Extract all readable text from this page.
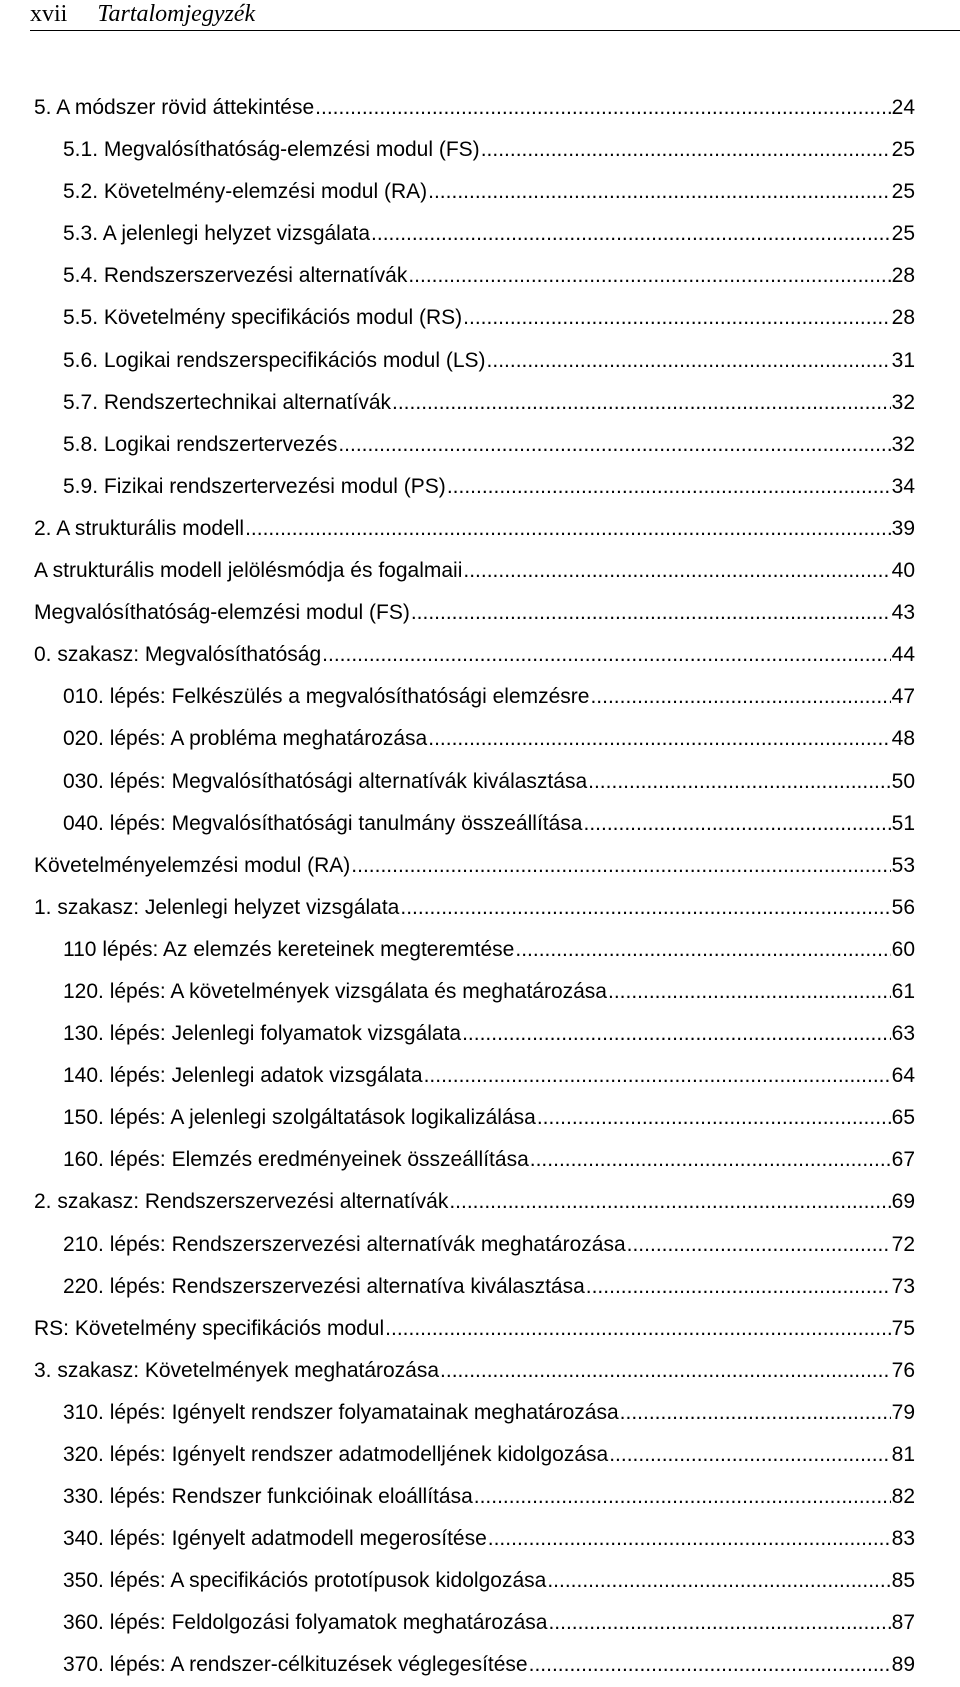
xvii Tartalomjegyzék
5. A módszer rövid áttekintése .....	24
5.1. Megvalósíthatóság-elemzési modul (FS) .....	25
5.2. Követelmény-elemzési modul (RA) .....	25
5.3. A jelenlegi helyzet vizsgálata .....	25
5.4. Rendszerszervezési alternatívák .....	28
5.5. Követelmény specifikációs modul (RS) .....	28
5.6. Logikai rendszerspecifikációs modul (LS) .....	31
5.7. Rendszertechnikai alternatívák .....	32
5.8. Logikai rendszertervezés .....	32
5.9. Fizikai rendszertervezési modul (PS) .....	34
2. A strukturális modell .....	39
A strukturális modell jelölésmódja és fogalmaii .....	40
Megvalósíthatóság-elemzési modul (FS) .....	43
0. szakasz: Megvalósíthatóság .....	44
010. lépés: Felkészülés a megvalósíthatósági elemzésre .....	47
020. lépés: A probléma meghatározása .....	48
030. lépés: Megvalósíthatósági alternatívák kiválasztása .....	50
040. lépés: Megvalósíthatósági tanulmány összeállítása .....	51
Követelményelemzési modul (RA) .....	53
1. szakasz: Jelenlegi helyzet vizsgálata .....	56
110 lépés: Az elemzés kereteinek megteremtése .....	60
120. lépés: A követelmények vizsgálata és meghatározása .....	61
130. lépés: Jelenlegi folyamatok vizsgálata .....	63
140. lépés: Jelenlegi adatok vizsgálata .....	64
150. lépés: A jelenlegi szolgáltatások logikalizálása .....	65
160. lépés: Elemzés eredményeinek összeállítása .....	67
2. szakasz: Rendszerszervezési alternatívák .....	69
210. lépés: Rendszerszervezési alternatívák meghatározása .....	72
220. lépés: Rendszerszervezési alternatíva kiválasztása .....	73
RS: Követelmény specifikációs modul .....	75
3. szakasz: Követelmények meghatározása .....	76
310. lépés: Igényelt rendszer folyamatainak meghatározása .....	79
320. lépés: Igényelt rendszer adatmodelljének kidolgozása .....	81
330. lépés: Rendszer funkcióinak eloállítása .....	82
340. lépés: Igényelt adatmodell megerosítése .....	83
350. lépés: A specifikációs prototípusok kidolgozása .....	85
360. lépés: Feldolgozási folyamatok meghatározása .....	87
370. lépés: A rendszer-célkituzések véglegesítése .....	89
